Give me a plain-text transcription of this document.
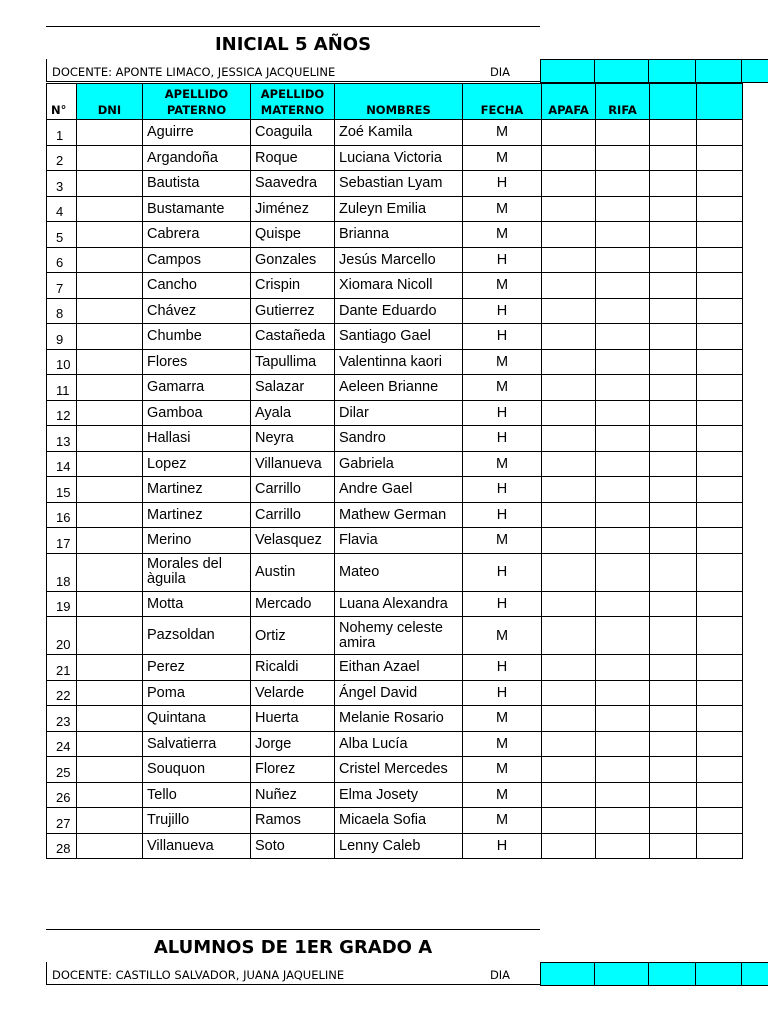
INICIAL 5 AÑOS
DOCENTE: APONTE LIMACO, JESSICA JACQUELINE	DIA
N°	DNI	APELLIDO PATERNO	APELLIDO MATERNO	NOMBRES	FECHA	APAFA	RIFA		
1		Aguirre	Coaguila	Zoé Kamila	M				
2		Argandoña	Roque	Luciana Victoria	M				
3		Bautista	Saavedra	Sebastian Lyam	H				
4		Bustamante	Jiménez	Zuleyn Emilia	M				
5		Cabrera	Quispe	Brianna	M				
6		Campos	Gonzales	Jesús Marcello	H				
7		Cancho	Crispin	Xiomara Nicoll	M				
8		Chávez	Gutierrez	Dante Eduardo	H				
9		Chumbe	Castañeda	Santiago Gael	H				
10		Flores	Tapullima	Valentinna kaori	M				
11		Gamarra	Salazar	Aeleen Brianne	M				
12		Gamboa	Ayala	Dilar	H				
13		Hallasi	Neyra	Sandro	H				
14		Lopez	Villanueva	Gabriela	M				
15		Martinez	Carrillo	Andre Gael	H				
16		Martinez	Carrillo	Mathew German	H				
17		Merino	Velasquez	Flavia	M				
18		Morales del àguila	Austin	Mateo	H				
19		Motta	Mercado	Luana Alexandra	H				
20		Pazsoldan	Ortiz	Nohemy celeste amira	M				
21		Perez	Ricaldi	Eithan Azael	H				
22		Poma	Velarde	Ángel David	H				
23		Quintana	Huerta	Melanie Rosario	M				
24		Salvatierra	Jorge	Alba Lucía	M				
25		Souquon	Florez	Cristel Mercedes	M				
26		Tello	Nuñez	Elma Josety	M				
27		Trujillo	Ramos	Micaela Sofia	M				
28		Villanueva	Soto	Lenny Caleb	H				
ALUMNOS DE 1ER GRADO A
DOCENTE: CASTILLO SALVADOR, JUANA JAQUELINE	DIA
